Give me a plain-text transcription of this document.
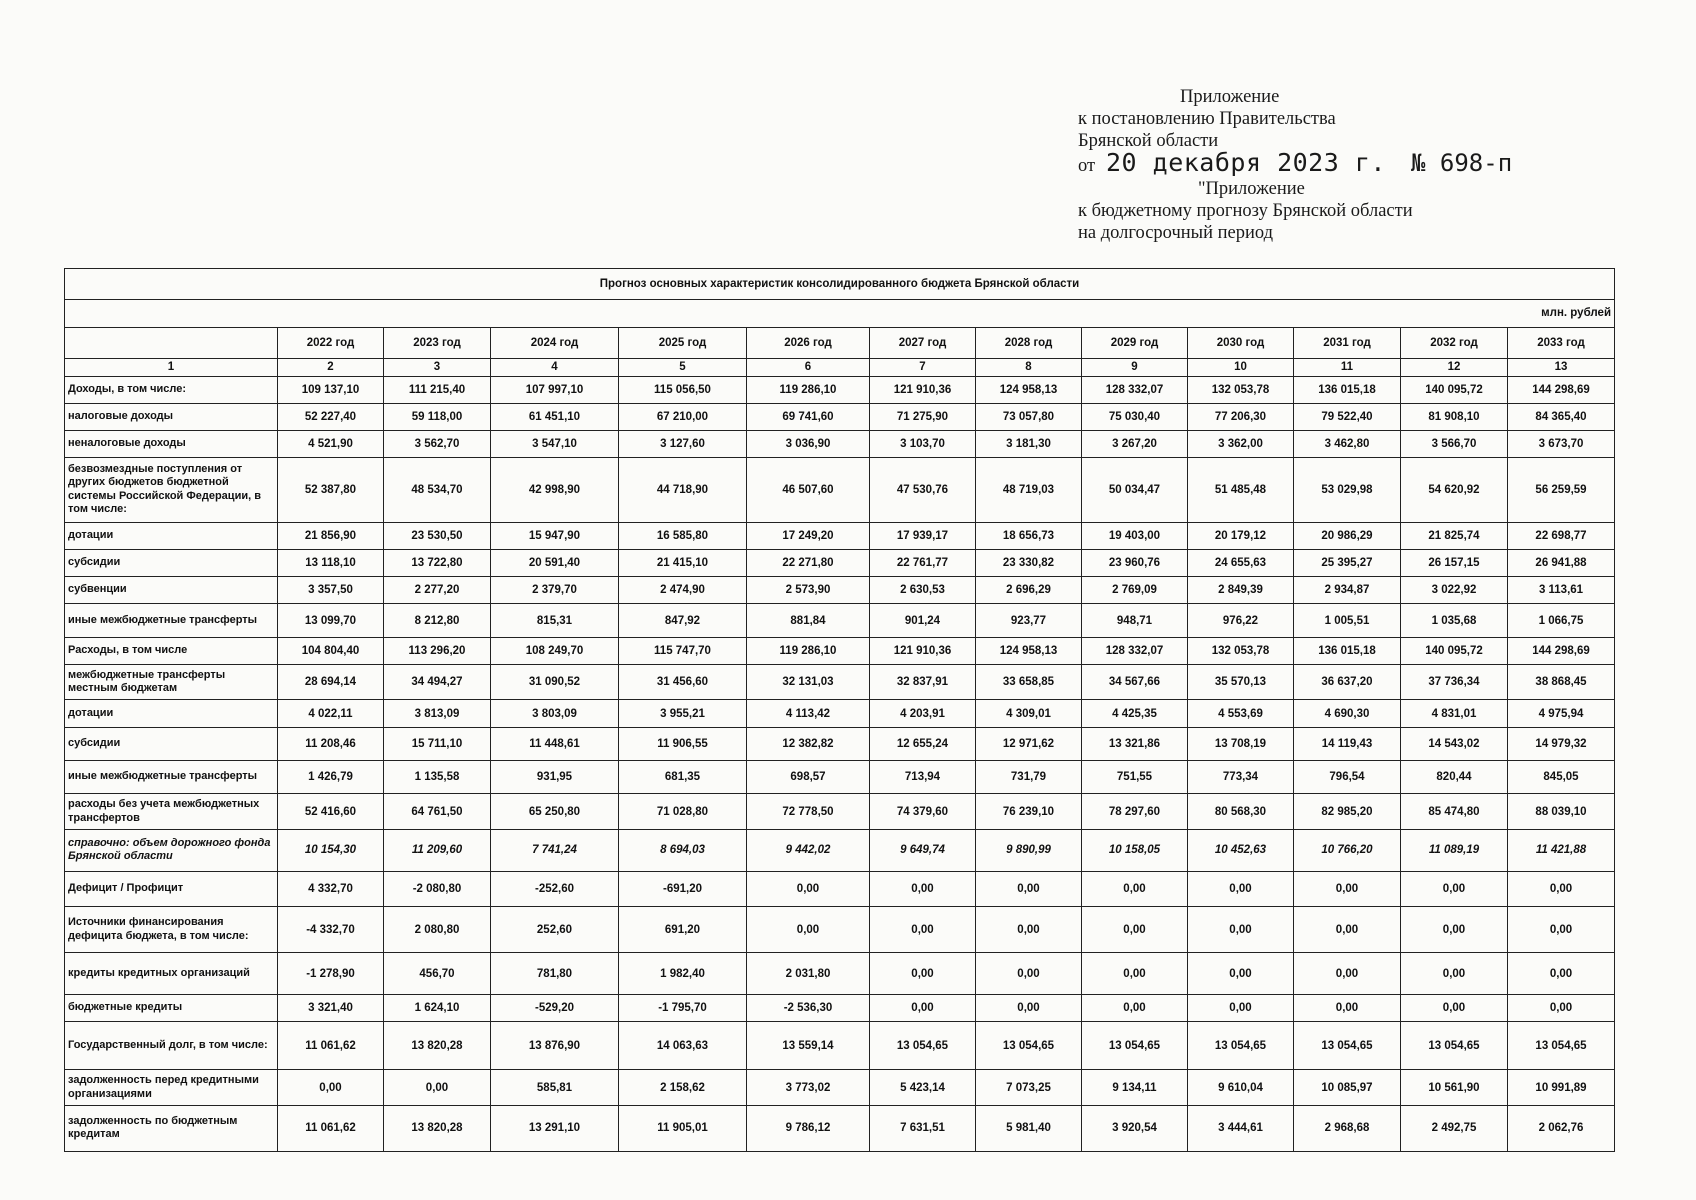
Приложение
к постановлению Правительства
Брянской области
от 20 декабря 2023 г.	№ 698-п
"Приложение
к бюджетному прогнозу Брянской области
на долгосрочный период
Прогноз основных характеристик консолидированного бюджета Брянской области												
млн. рублей												
	2022 год	2023 год	2024 год	2025 год	2026 год	2027 год	2028 год	2029 год	2030 год	2031 год	2032 год	2033 год
1	2	3	4	5	6	7	8	9	10	11	12	13
Доходы, в том числе:	109 137,10	111 215,40	107 997,10	115 056,50	119 286,10	121 910,36	124 958,13	128 332,07	132 053,78	136 015,18	140 095,72	144 298,69
налоговые доходы	52 227,40	59 118,00	61 451,10	67 210,00	69 741,60	71 275,90	73 057,80	75 030,40	77 206,30	79 522,40	81 908,10	84 365,40
неналоговые доходы	4 521,90	3 562,70	3 547,10	3 127,60	3 036,90	3 103,70	3 181,30	3 267,20	3 362,00	3 462,80	3 566,70	3 673,70
безвозмездные поступления от других бюджетов бюджетной системы Российской Федерации, в том числе:	52 387,80	48 534,70	42 998,90	44 718,90	46 507,60	47 530,76	48 719,03	50 034,47	51 485,48	53 029,98	54 620,92	56 259,59
дотации	21 856,90	23 530,50	15 947,90	16 585,80	17 249,20	17 939,17	18 656,73	19 403,00	20 179,12	20 986,29	21 825,74	22 698,77
субсидии	13 118,10	13 722,80	20 591,40	21 415,10	22 271,80	22 761,77	23 330,82	23 960,76	24 655,63	25 395,27	26 157,15	26 941,88
субвенции	3 357,50	2 277,20	2 379,70	2 474,90	2 573,90	2 630,53	2 696,29	2 769,09	2 849,39	2 934,87	3 022,92	3 113,61
иные межбюджетные трансферты	13 099,70	8 212,80	815,31	847,92	881,84	901,24	923,77	948,71	976,22	1 005,51	1 035,68	1 066,75
Расходы, в том числе	104 804,40	113 296,20	108 249,70	115 747,70	119 286,10	121 910,36	124 958,13	128 332,07	132 053,78	136 015,18	140 095,72	144 298,69
межбюджетные трансферты местным бюджетам	28 694,14	34 494,27	31 090,52	31 456,60	32 131,03	32 837,91	33 658,85	34 567,66	35 570,13	36 637,20	37 736,34	38 868,45
дотации	4 022,11	3 813,09	3 803,09	3 955,21	4 113,42	4 203,91	4 309,01	4 425,35	4 553,69	4 690,30	4 831,01	4 975,94
субсидии	11 208,46	15 711,10	11 448,61	11 906,55	12 382,82	12 655,24	12 971,62	13 321,86	13 708,19	14 119,43	14 543,02	14 979,32
иные межбюджетные трансферты	1 426,79	1 135,58	931,95	681,35	698,57	713,94	731,79	751,55	773,34	796,54	820,44	845,05
расходы без учета межбюджетных трансфертов	52 416,60	64 761,50	65 250,80	71 028,80	72 778,50	74 379,60	76 239,10	78 297,60	80 568,30	82 985,20	85 474,80	88 039,10
справочно: объем дорожного фонда Брянской области	10 154,30	11 209,60	7 741,24	8 694,03	9 442,02	9 649,74	9 890,99	10 158,05	10 452,63	10 766,20	11 089,19	11 421,88
Дефицит / Профицит	4 332,70	-2 080,80	-252,60	-691,20	0,00	0,00	0,00	0,00	0,00	0,00	0,00	0,00
Источники финансирования дефицита бюджета, в том числе:	-4 332,70	2 080,80	252,60	691,20	0,00	0,00	0,00	0,00	0,00	0,00	0,00	0,00
кредиты кредитных организаций	-1 278,90	456,70	781,80	1 982,40	2 031,80	0,00	0,00	0,00	0,00	0,00	0,00	0,00
бюджетные кредиты	3 321,40	1 624,10	-529,20	-1 795,70	-2 536,30	0,00	0,00	0,00	0,00	0,00	0,00	0,00
Государственный долг, в том числе:	11 061,62	13 820,28	13 876,90	14 063,63	13 559,14	13 054,65	13 054,65	13 054,65	13 054,65	13 054,65	13 054,65	13 054,65
задолженность перед кредитными организациями	0,00	0,00	585,81	2 158,62	3 773,02	5 423,14	7 073,25	9 134,11	9 610,04	10 085,97	10 561,90	10 991,89
задолженность по бюджетным кредитам	11 061,62	13 820,28	13 291,10	11 905,01	9 786,12	7 631,51	5 981,40	3 920,54	3 444,61	2 968,68	2 492,75	2 062,76
